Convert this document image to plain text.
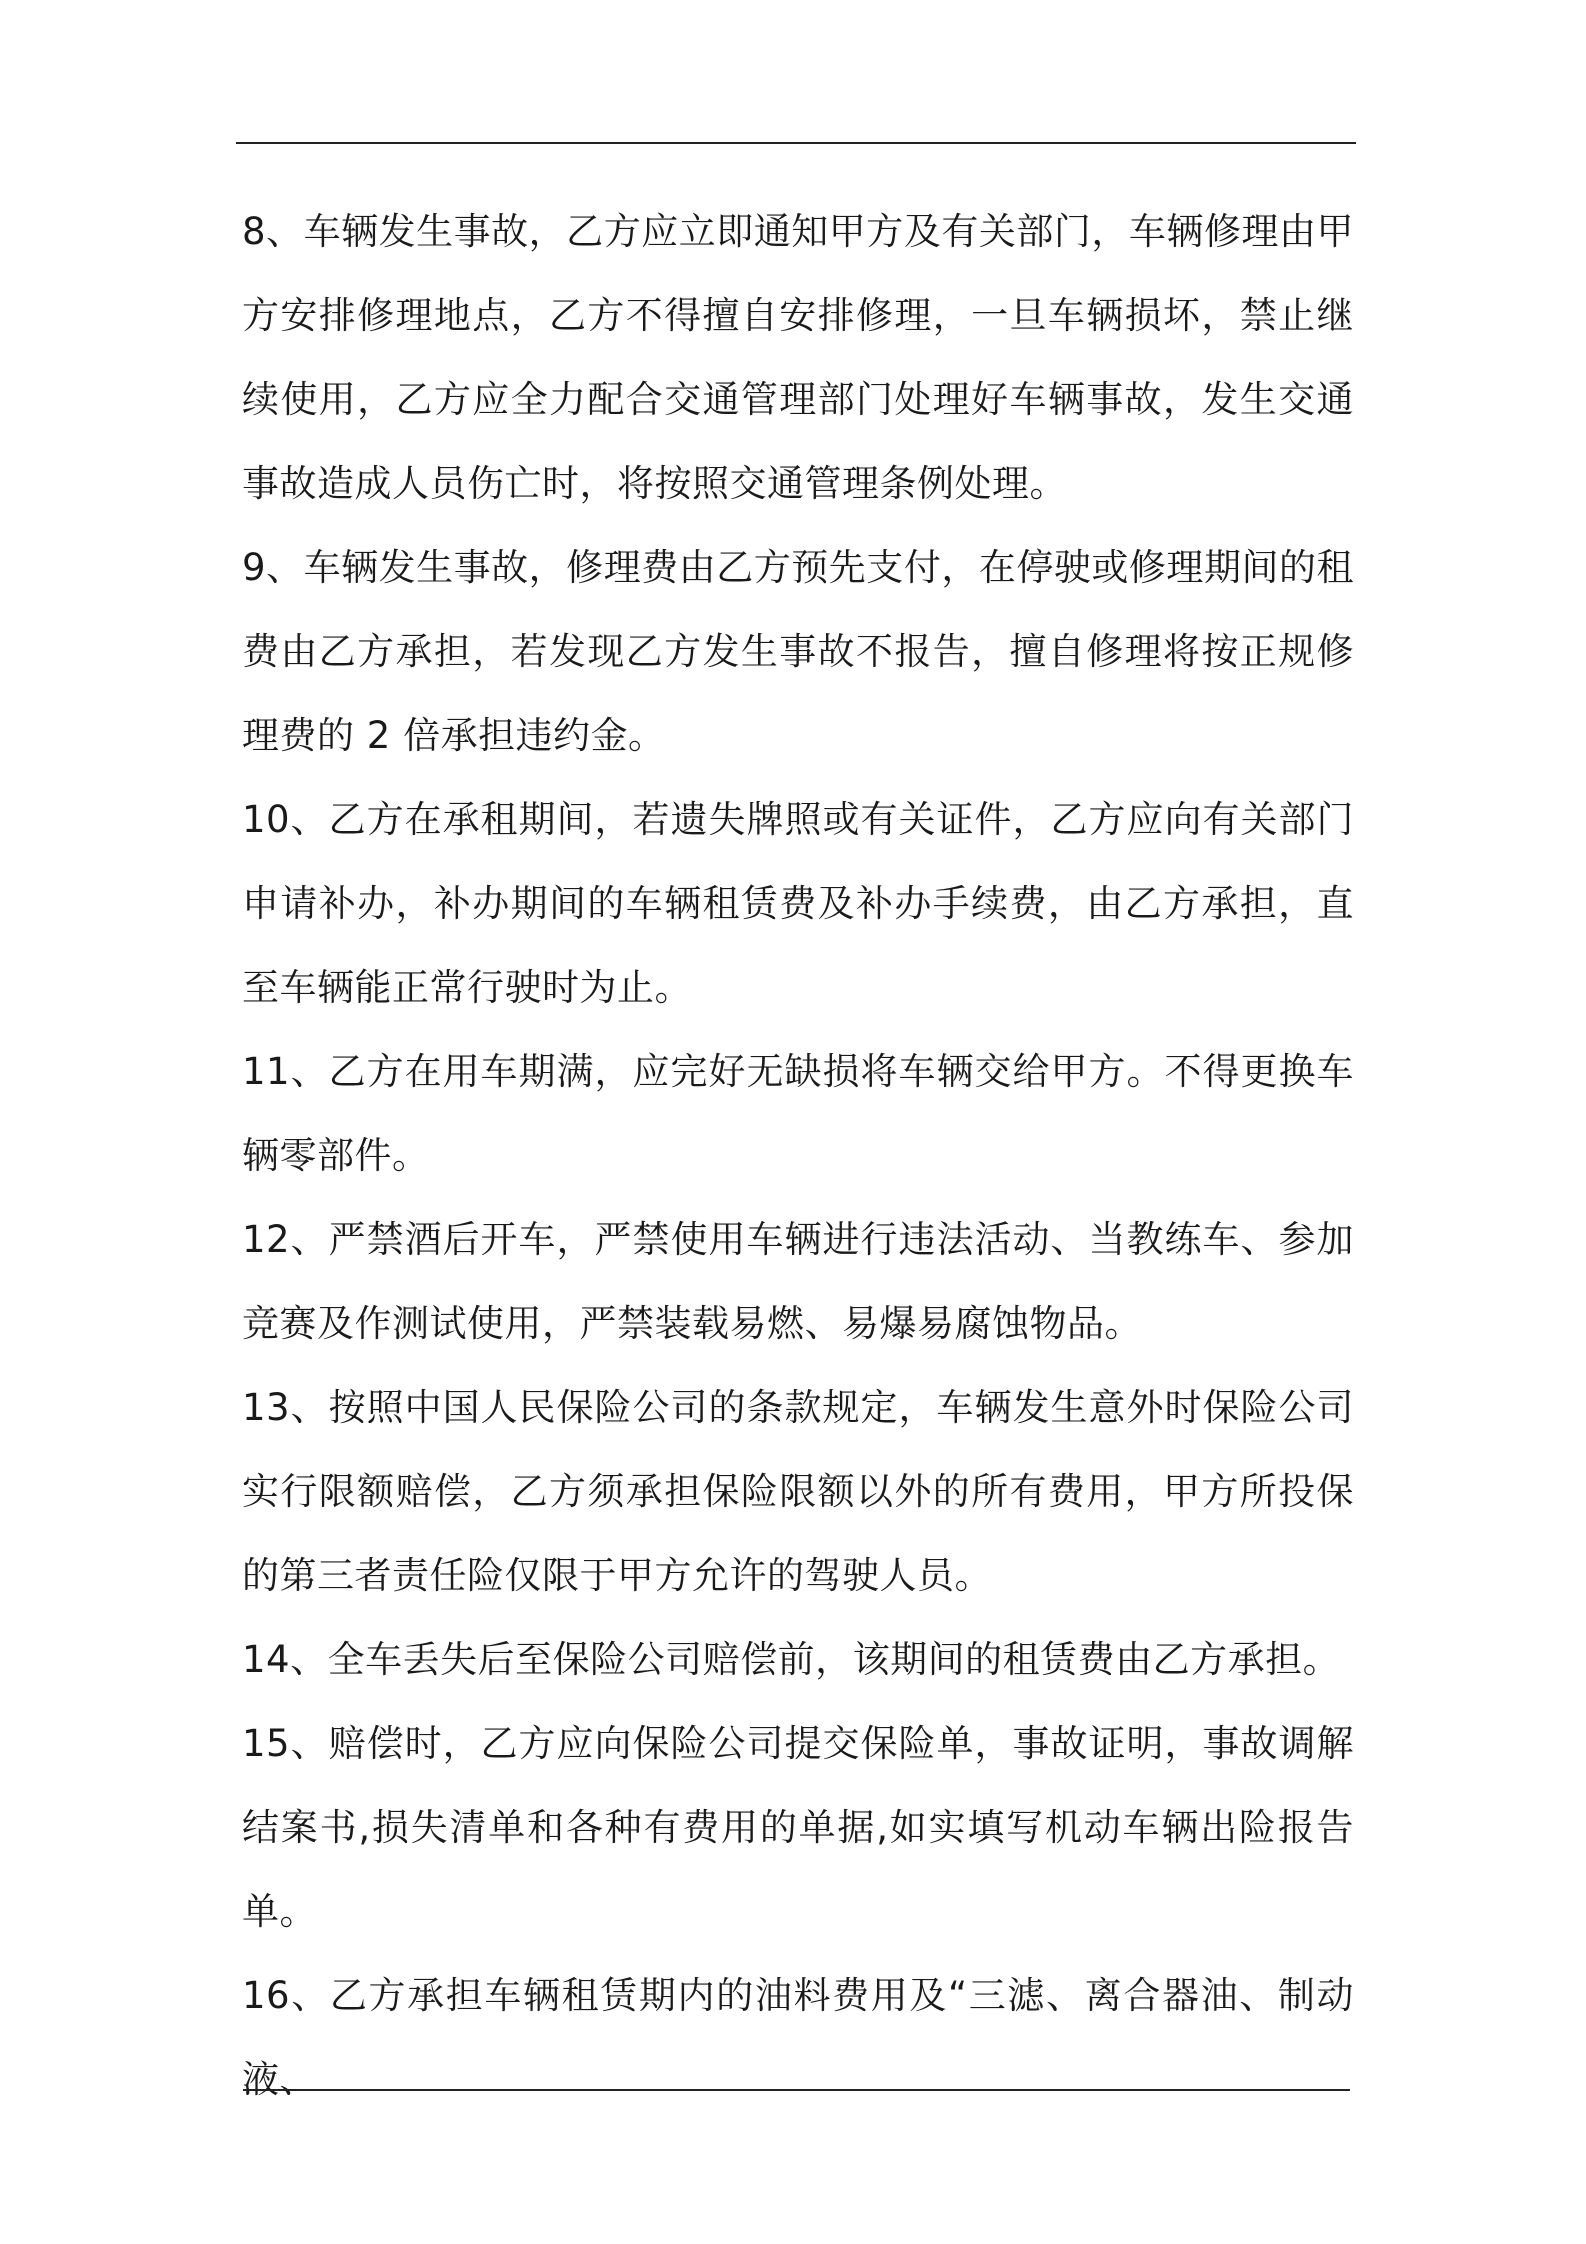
8、车辆发生事故，乙方应立即通知甲方及有关部门，车辆修理由甲方安排修理地点，乙方不得擅自安排修理，一旦车辆损坏，禁止继续使用，乙方应全力配合交通管理部门处理好车辆事故，发生交通事故造成人员伤亡时，将按照交通管理条例处理。

9、车辆发生事故，修理费由乙方预先支付，在停驶或修理期间的租费由乙方承担，若发现乙方发生事故不报告，擅自修理将按正规修理费的 2 倍承担违约金。

10、乙方在承租期间，若遗失牌照或有关证件，乙方应向有关部门申请补办，补办期间的车辆租赁费及补办手续费，由乙方承担，直至车辆能正常行驶时为止。

11、乙方在用车期满，应完好无缺损将车辆交给甲方。不得更换车辆零部件。

12、严禁酒后开车，严禁使用车辆进行违法活动、当教练车、参加竞赛及作测试使用，严禁装载易燃、易爆易腐蚀物品。

13、按照中国人民保险公司的条款规定，车辆发生意外时保险公司实行限额赔偿，乙方须承担保险限额以外的所有费用，甲方所投保的第三者责任险仅限于甲方允许的驾驶人员。

14、全车丢失后至保险公司赔偿前，该期间的租赁费由乙方承担。

15、赔偿时，乙方应向保险公司提交保险单，事故证明，事故调解结案书,损失清单和各种有费用的单据,如实填写机动车辆出险报告单。

16、乙方承担车辆租赁期内的油料费用及“三滤、离合器油、制动液、
